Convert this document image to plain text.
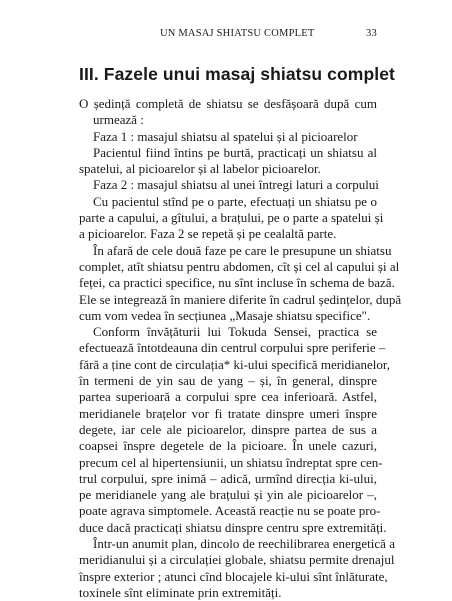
UN MASAJ SHIATSU COMPLET	33
III. Fazele unui masaj shiatsu complet
O ședință completă de shiatsu se desfășoară după cum
urmează :
Faza 1 : masajul shiatsu al spatelui și al picioarelor
Pacientul fiind întins pe burtă, practicați un shiatsu al
spatelui, al picioarelor și al labelor picioarelor.
Faza 2 : masajul shiatsu al unei întregi laturi a corpului
Cu pacientul stînd pe o parte, efectuați un shiatsu pe o
parte a capului, a gîtului, a brațului, pe o parte a spatelui și
a picioarelor. Faza 2 se repetă și pe cealaltă parte.
În afară de cele două faze pe care le presupune un shiatsu
complet, atît shiatsu pentru abdomen, cît și cel al capului și al
feței, ca practici specifice, nu sînt incluse în schema de bază.
Ele se integrează în maniere diferite în cadrul ședințelor, după
cum vom vedea în secțiunea „Masaje shiatsu specifice".
Conform învățăturii lui Tokuda Sensei, practica se
efectuează întotdeauna din centrul corpului spre periferie –
fără a ține cont de circulația* ki-ului specifică meridianelor,
în termeni de yin sau de yang – și, în general, dinspre
partea superioară a corpului spre cea inferioară. Astfel,
meridianele brațelor vor fi tratate dinspre umeri înspre
degete, iar cele ale picioarelor, dinspre partea de sus a
coapsei înspre degetele de la picioare. În unele cazuri,
precum cel al hipertensiunii, un shiatsu îndreptat spre cen-
trul corpului, spre inimă – adică, urmînd direcția ki-ului,
pe meridianele yang ale brațului și yin ale picioarelor –,
poate agrava simptomele. Această reacție nu se poate pro-
duce dacă practicați shiatsu dinspre centru spre extremități.
Într-un anumit plan, dincolo de reechilibrarea energetică a
meridianului și a circulației globale, shiatsu permite drenajul
înspre exterior ; atunci cînd blocajele ki-ului sînt înlăturate,
toxinele sînt eliminate prin extremități.
